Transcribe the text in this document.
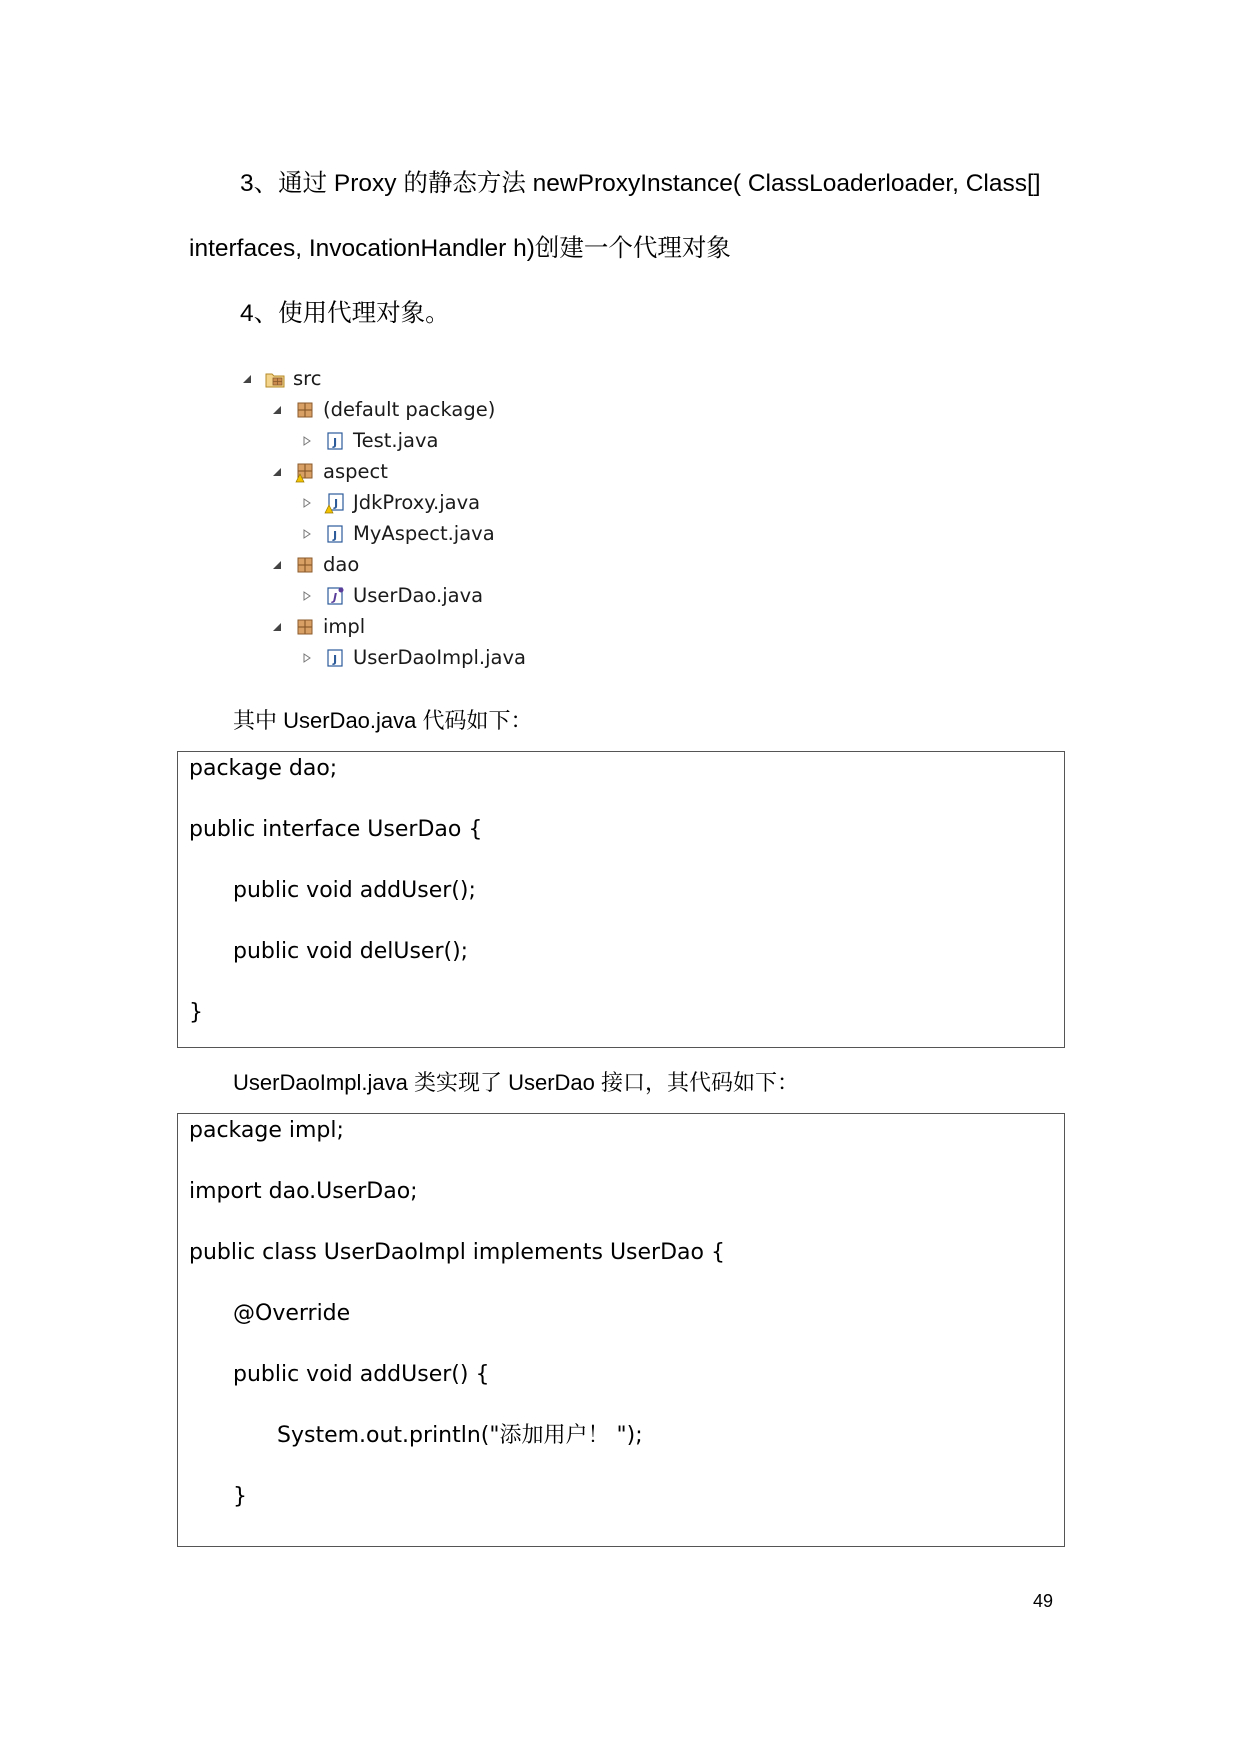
3、通过 Proxy 的静态方法 newProxyInstance( ClassLoaderloader, Class[]
interfaces, InvocationHandler h)创建一个代理对象
4、使用代理对象。
src
(default package)
J Test.java
aspect
J JdkProxy.java
J MyAspect.java
dao
J UserDao.java
impl
J UserDaoImpl.java
其中 UserDao.java 代码如下：
package dao;
public interface UserDao {
public void addUser();
public void delUser();
}
UserDaoImpl.java 类实现了 UserDao 接口，其代码如下：
package impl;
import dao.UserDao;
public class UserDaoImpl implements UserDao {
@Override
public void addUser() {
System.out.println("添加用户！ ");
}
49
